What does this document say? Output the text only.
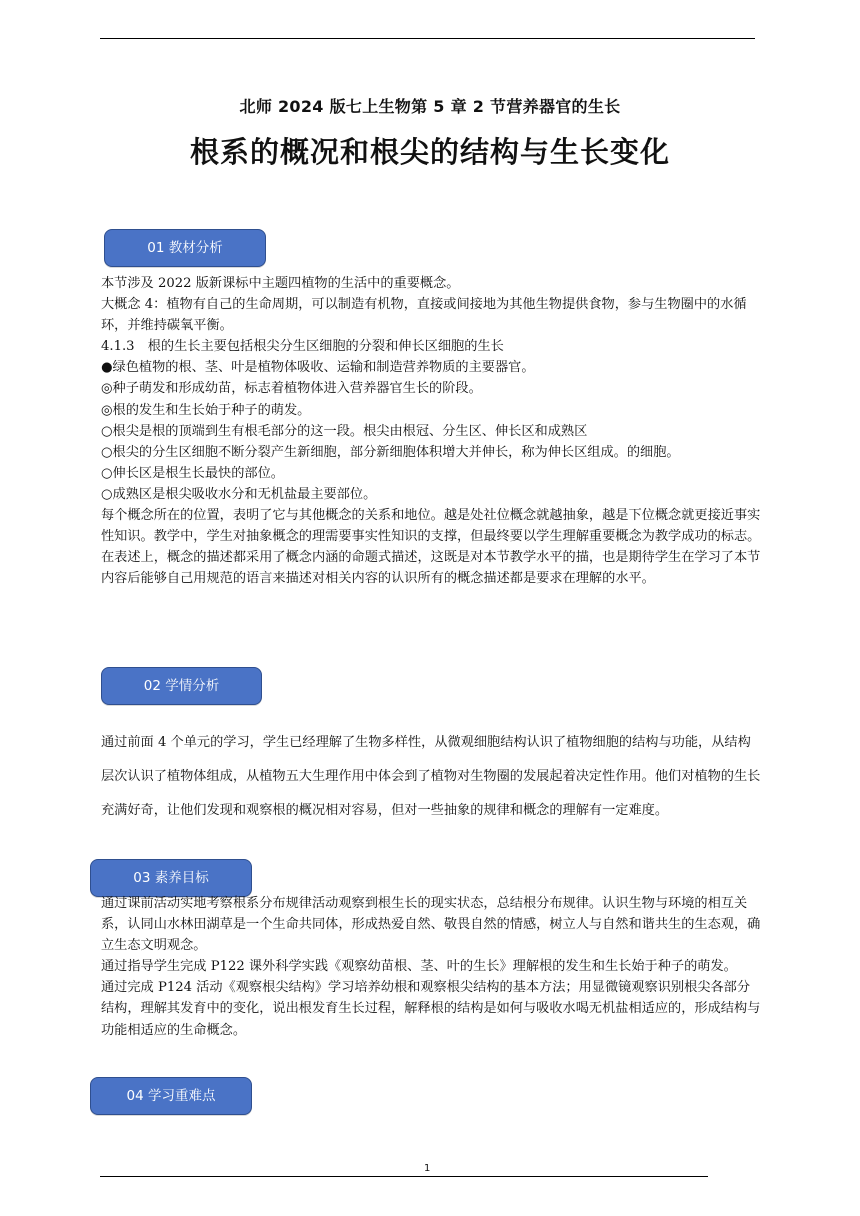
北师 2024 版七上生物第 5 章 2 节营养器官的生长
根系的概况和根尖的结构与生长变化
01 教材分析

本节涉及 2022 版新课标中主题四植物的生活中的重要概念。

大概念 4：植物有自己的生命周期，可以制造有机物，直接或间接地为其他生物提供食物，参与生物圈中的水循环，并维持碳氧平衡。

4.1.3　根的生长主要包括根尖分生区细胞的分裂和伸长区细胞的生长

●绿色植物的根、茎、叶是植物体吸收、运输和制造营养物质的主要器官。

◎种子萌发和形成幼苗，标志着植物体进入营养器官生长的阶段。

◎根的发生和生长始于种子的萌发。

○根尖是根的顶端到生有根毛部分的这一段。根尖由根冠、分生区、伸长区和成熟区

○根尖的分生区细胞不断分裂产生新细胞，部分新细胞体积增大并伸长，称为伸长区组成。的细胞。

○伸长区是根生长最快的部位。

○成熟区是根尖吸收水分和无机盐最主要部位。

每个概念所在的位置，表明了它与其他概念的关系和地位。越是处社位概念就越抽象，越是下位概念就更接近事实性知识。教学中，学生对抽象概念的理需要事实性知识的支撑，但最终要以学生理解重要概念为教学成功的标志。在表述上，概念的描述都采用了概念内涵的命题式描述，这既是对本节教学水平的描，也是期待学生在学习了本节内容后能够自己用规范的语言来描述对相关内容的认识所有的概念描述都是要求在理解的水平。

02 学情分析

通过前面 4 个单元的学习，学生已经理解了生物多样性，从微观细胞结构认识了植物细胞的结构与功能，从结构层次认识了植物体组成，从植物五大生理作用中体会到了植物对生物圈的发展起着决定性作用。他们对植物的生长充满好奇，让他们发现和观察根的概况相对容易，但对一些抽象的规律和概念的理解有一定难度。

03 素养目标

通过课前活动实地考察根系分布规律活动观察到根生长的现实状态，总结根分布规律。认识生物与环境的相互关系，认同山水林田湖草是一个生命共同体，形成热爱自然、敬畏自然的情感，树立人与自然和谐共生的生态观，确立生态文明观念。

通过指导学生完成 P122 课外科学实践《观察幼苗根、茎、叶的生长》理解根的发生和生长始于种子的萌发。

通过完成 P124 活动《观察根尖结构》学习培养幼根和观察根尖结构的基本方法；用显微镜观察识别根尖各部分结构，理解其发育中的变化，说出根发育生长过程，解释根的结构是如何与吸收水喝无机盐相适应的，形成结构与功能相适应的生命概念。

04 学习重难点
1
